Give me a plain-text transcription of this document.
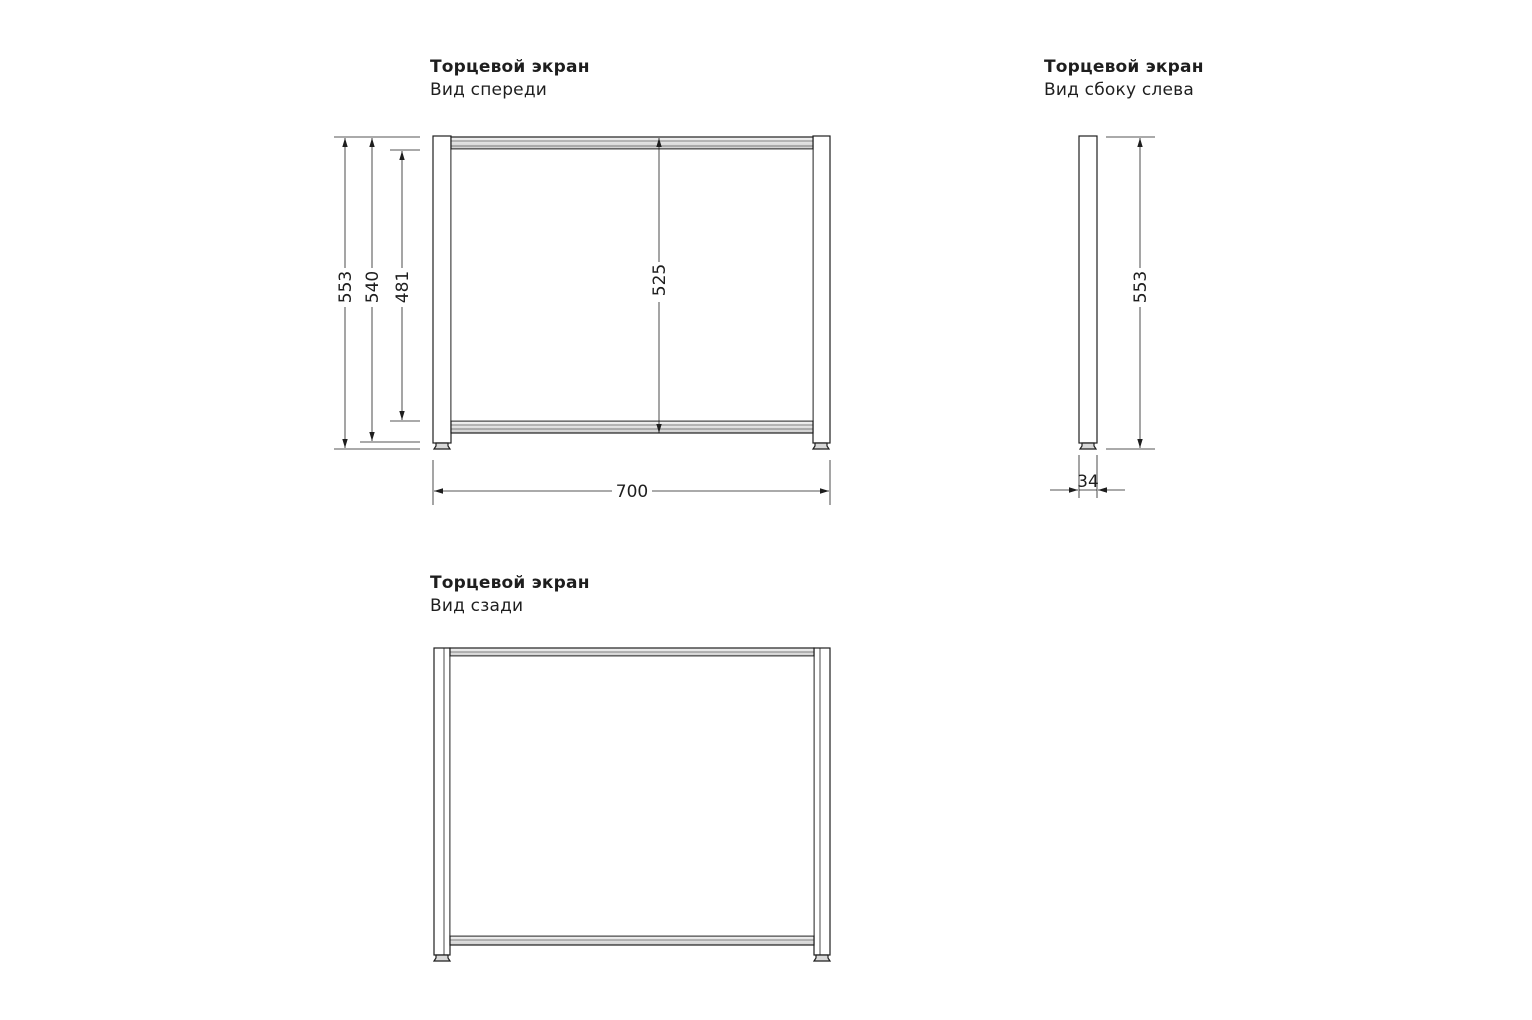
Торцевой экран
Вид спереди
Торцевой экран
Вид сбоку слева
Торцевой экран
Вид сзади
553 540 481	525
700
553
34
